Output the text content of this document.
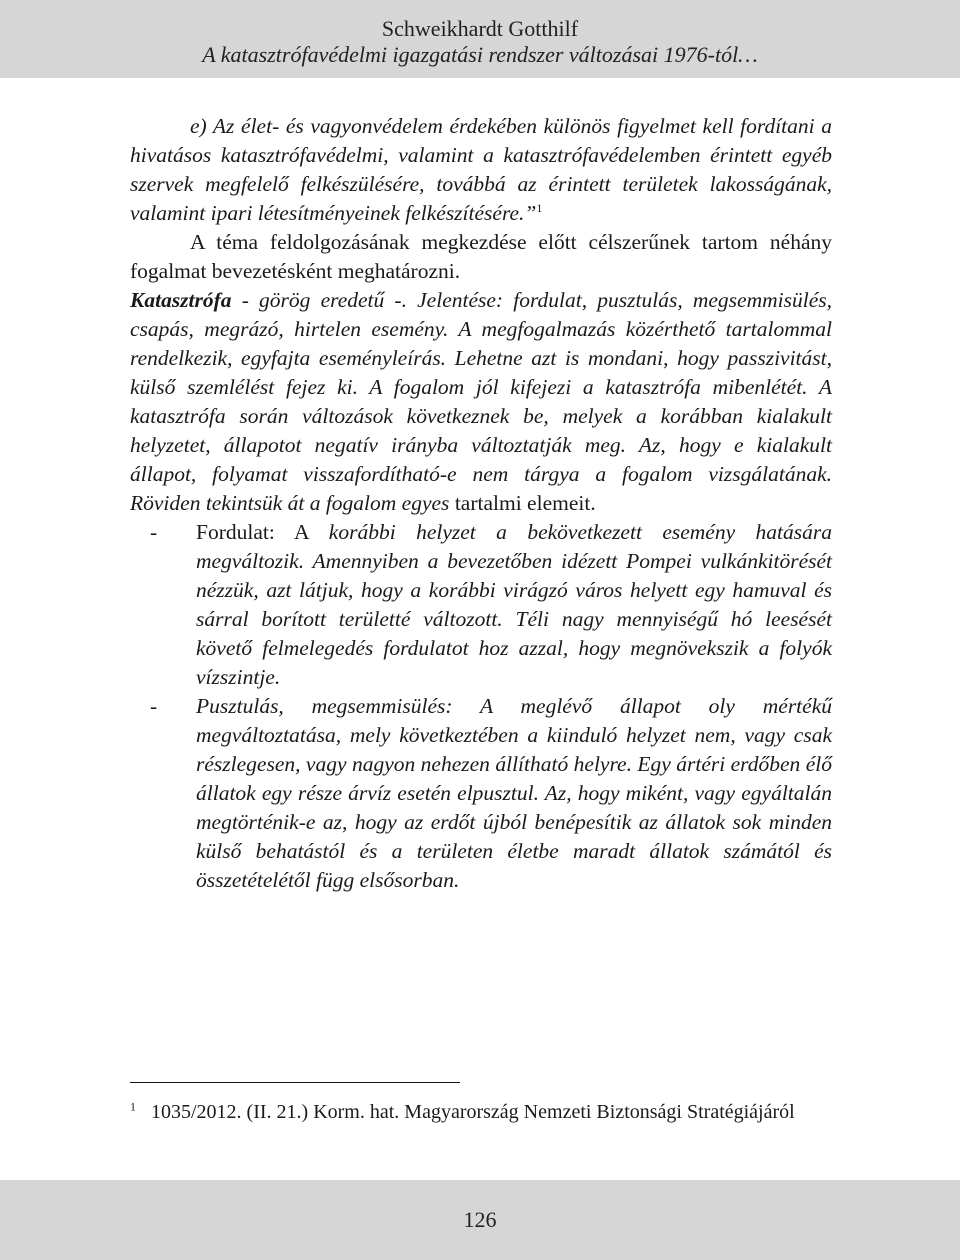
Schweikhardt Gotthilf
A katasztrófavédelmi igazgatási rendszer változásai 1976-tól…

e) Az élet- és vagyonvédelem érdekében különös figyelmet kell fordítani a hivatásos katasztrófavédelmi, valamint a katasztrófavédelemben érintett egyéb szervek megfelelő felkészülésére, továbbá az érintett területek lakosságának, valamint ipari létesítményeinek felkészítésére.”$^1$

A téma feldolgozásának megkezdése előtt célszerűnek tartom néhány fogalmat bevezetésként meghatározni.

Katasztrófa - görög eredetű -. Jelentése: fordulat, pusztulás, megsemmisülés, csapás, megrázó, hirtelen esemény. A megfogalmazás közérthető tartalommal rendelkezik, egyfajta eseményleírás. Lehetne azt is mondani, hogy passzivitást, külső szemlélést fejez ki. A fogalom jól kifejezi a katasztrófa mibenlétét. A katasztrófa során változások következnek be, melyek a korábban kialakult helyzetet, állapotot negatív irányba változtatják meg. Az, hogy e kialakult állapot, folyamat visszafordítható-e nem tárgya a fogalom vizsgálatának. Röviden tekintsük át a fogalom egyes tartalmi elemeit.

- Fordulat: A korábbi helyzet a bekövetkezett esemény hatására megváltozik. Amennyiben a bevezetőben idézett Pompei vulkánkitörését nézzük, azt látjuk, hogy a korábbi virágzó város helyett egy hamuval és sárral borított területté változott. Téli nagy mennyiségű hó leesését követő felmelegedés fordulatot hoz azzal, hogy megnövekszik a folyók vízszintje.
- Pusztulás, megsemmisülés: A meglévő állapot oly mértékű megváltoztatása, mely következtében a kiinduló helyzet nem, vagy csak részlegesen, vagy nagyon nehezen állítható helyre. Egy ártéri erdőben élő állatok egy része árvíz esetén elpusztul. Az, hogy miként, vagy egyáltalán megtörténik-e az, hogy az erdőt újból benépesítik az állatok sok minden külső behatástól és a területen életbe maradt állatok számától és összetételétől függ elsősorban.
$^1$ 1035/2012. (II. 21.) Korm. hat. Magyarország Nemzeti Biztonsági Stratégiájáról
126
